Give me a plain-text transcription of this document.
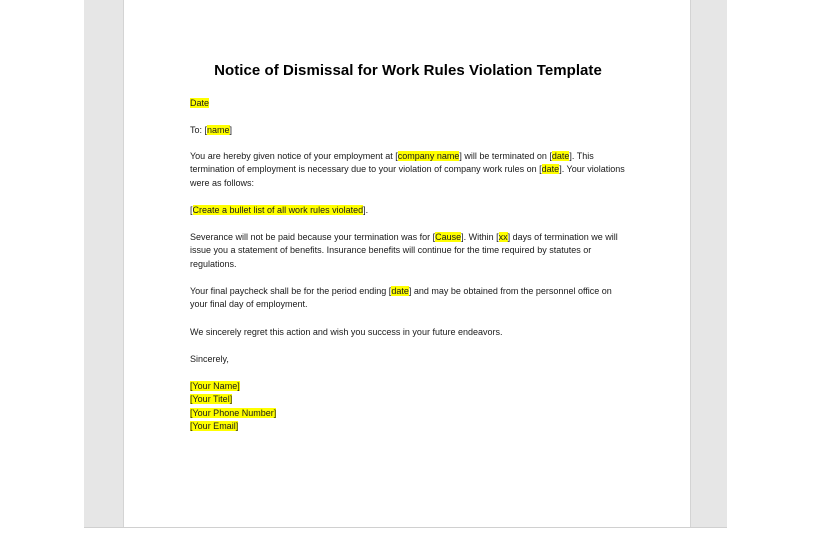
Notice of Dismissal for Work Rules Violation Template

Date

To: [name]

You are hereby given notice of your employment at [company name] will be terminated on [date]. This termination of employment is necessary due to your violation of company work rules on [date]. Your violations were as follows:

[Create a bullet list of all work rules violated].

Severance will not be paid because your termination was for [Cause]. Within [xx] days of termination we will issue you a statement of benefits. Insurance benefits will continue for the time required by statutes or regulations.

Your final paycheck shall be for the period ending [date] and may be obtained from the personnel office on your final day of employment.

We sincerely regret this action and wish you success in your future endeavors.

Sincerely,

[Your Name]
[Your Titel]
[Your Phone Number]
[Your Email]
